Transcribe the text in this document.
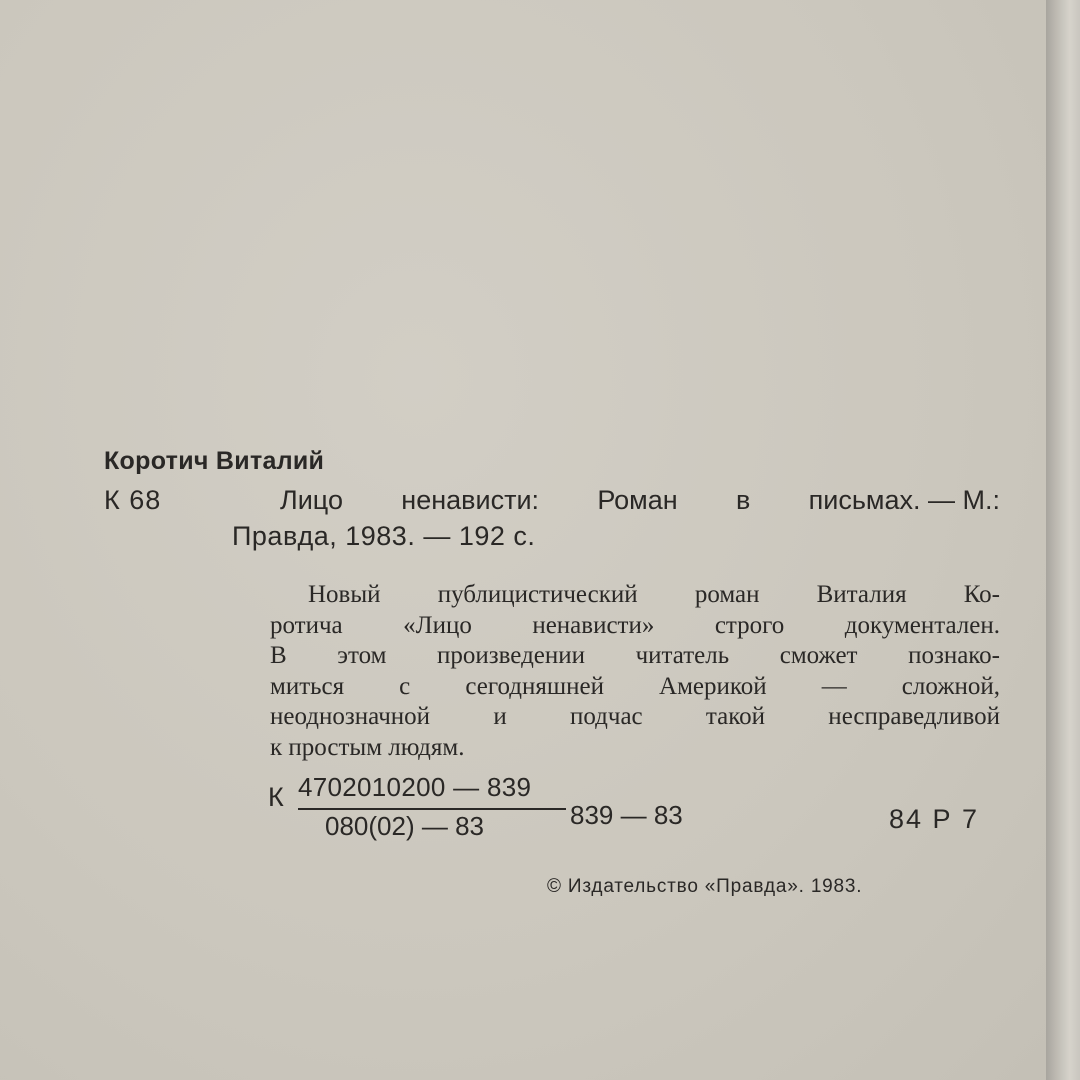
Коротич Виталий
К 68	Лицо ненависти: Роман в письмах. — М.:
Правда, 1983. — 192 с.
Новый публицистический роман Виталия Ко-
ротича «Лицо ненависти» строго документален.
В этом произведении читатель сможет познако-
миться с сегодняшней Америкой — сложной,
неоднозначной и подчас такой несправедливой
к простым людям.
К 4702010200 — 839
080(02) — 83	839 — 83	84 Р 7
© Издательство «Правда». 1983.
